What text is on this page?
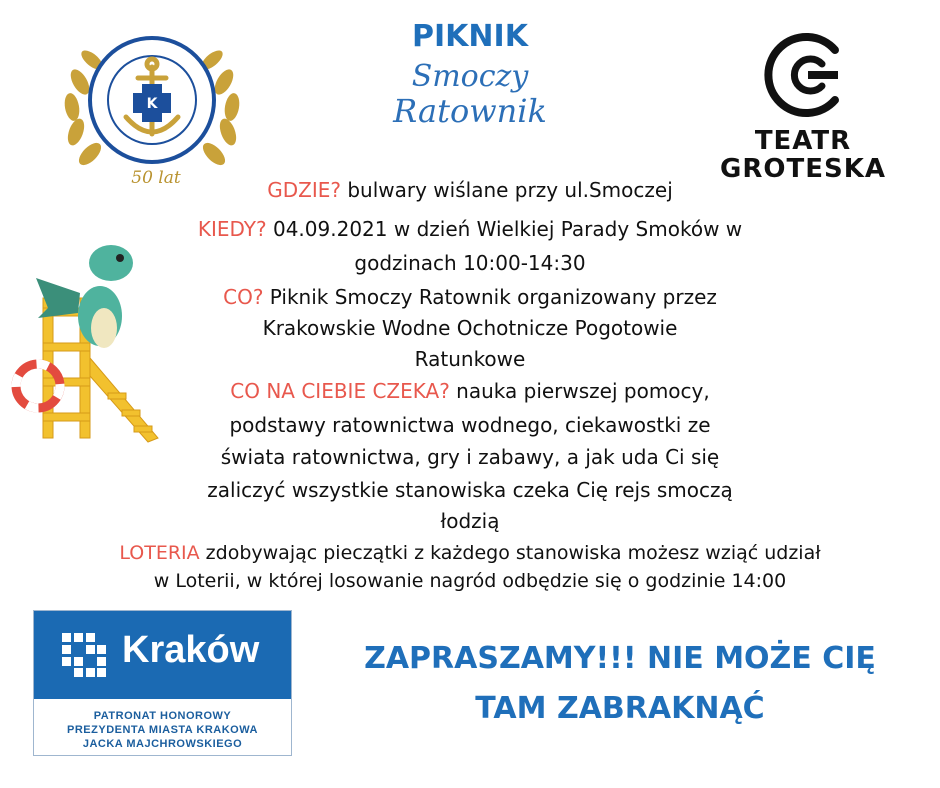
K
50 lat
PIKNIK
Smoczy
Ratownik
TEATR
GROTESKA
GDZIE? bulwary wiślane przy ul.Smoczej
KIEDY? 04.09.2021 w dzień Wielkiej Parady Smoków w
godzinach 10:00-14:30
CO? Piknik Smoczy Ratownik organizowany przez
Krakowskie Wodne Ochotnicze Pogotowie
Ratunkowe
CO NA CIEBIE CZEKA? nauka pierwszej pomocy,
podstawy ratownictwa wodnego, ciekawostki ze
świata ratownictwa, gry i zabawy, a jak uda Ci się
zaliczyć wszystkie stanowiska czeka Cię rejs smoczą
łodzią
LOTERIA zdobywając pieczątki z każdego stanowiska możesz wziąć udział
w Loterii, w której losowanie nagród odbędzie się o godzinie 14:00
Kraków
PATRONAT HONOROWY
PREZYDENTA MIASTA KRAKOWA
JACKA MAJCHROWSKIEGO
ZAPRASZAMY!!! NIE MOŻE CIĘ
TAM ZABRAKNĄĆ
